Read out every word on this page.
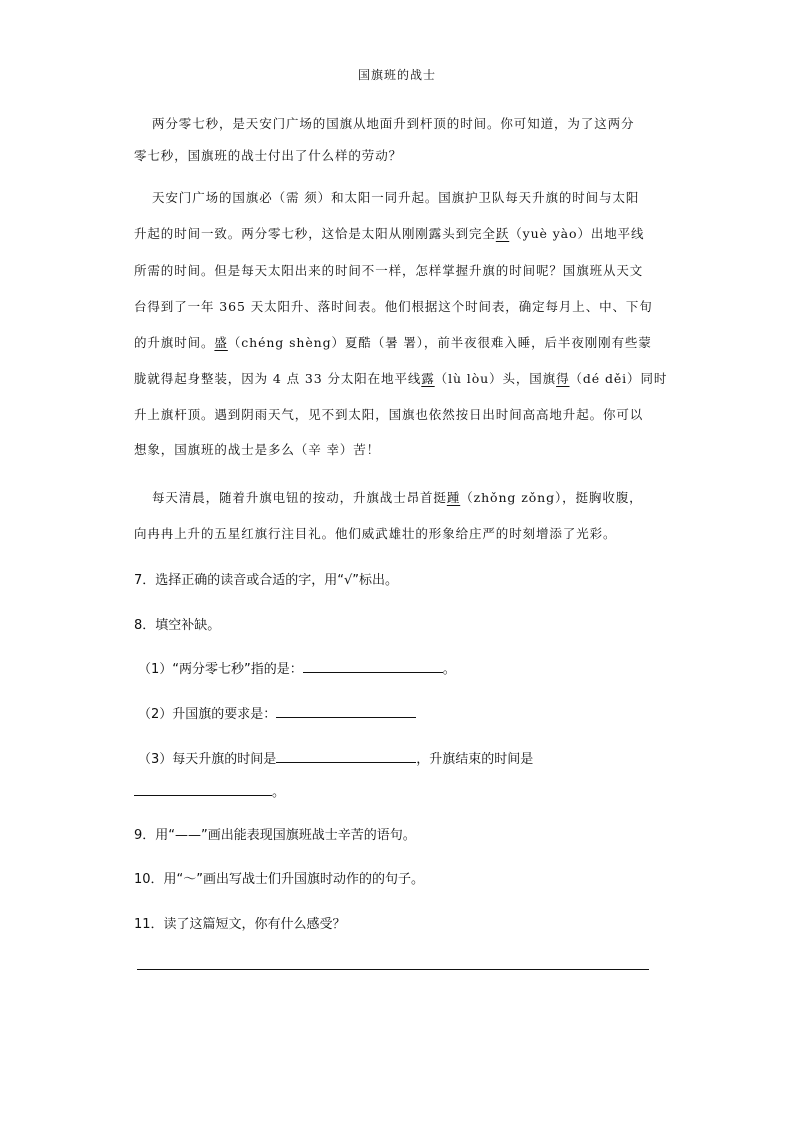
国旗班的战士
两分零七秒，是天安门广场的国旗从地面升到杆顶的时间。你可知道，为了这两分
零七秒，国旗班的战士付出了什么样的劳动？
天安门广场的国旗必（需 须）和太阳一同升起。国旗护卫队每天升旗的时间与太阳
升起的时间一致。两分零七秒，这恰是太阳从刚刚露头到完全跃（yuè yào）出地平线
所需的时间。但是每天太阳出来的时间不一样，怎样掌握升旗的时间呢？国旗班从天文
台得到了一年 365 天太阳升、落时间表。他们根据这个时间表，确定每月上、中、下旬
的升旗时间。盛（chéng shèng）夏酷（暑 署），前半夜很难入睡，后半夜刚刚有些蒙
胧就得起身整装，因为 4 点 33 分太阳在地平线露（lù lòu）头，国旗得（dé děi）同时
升上旗杆顶。遇到阴雨天气，见不到太阳，国旗也依然按日出时间高高地升起。你可以
想象，国旗班的战士是多么（辛 幸）苦！
每天清晨，随着升旗电钮的按动，升旗战士昂首挺踵（zhǒng zǒng），挺胸收腹，
向冉冉上升的五星红旗行注目礼。他们威武雄壮的形象给庄严的时刻增添了光彩。
7．选择正确的读音或合适的字，用“√”标出。
8．填空补缺。
（1）“两分零七秒”指的是：	。
（2）升国旗的要求是：
（3）每天升旗的时间是	，升旗结束的时间是
。
9．用“——”画出能表现国旗班战士辛苦的语句。
10．用“～”画出写战士们升国旗时动作的的句子。
11．读了这篇短文，你有什么感受？
